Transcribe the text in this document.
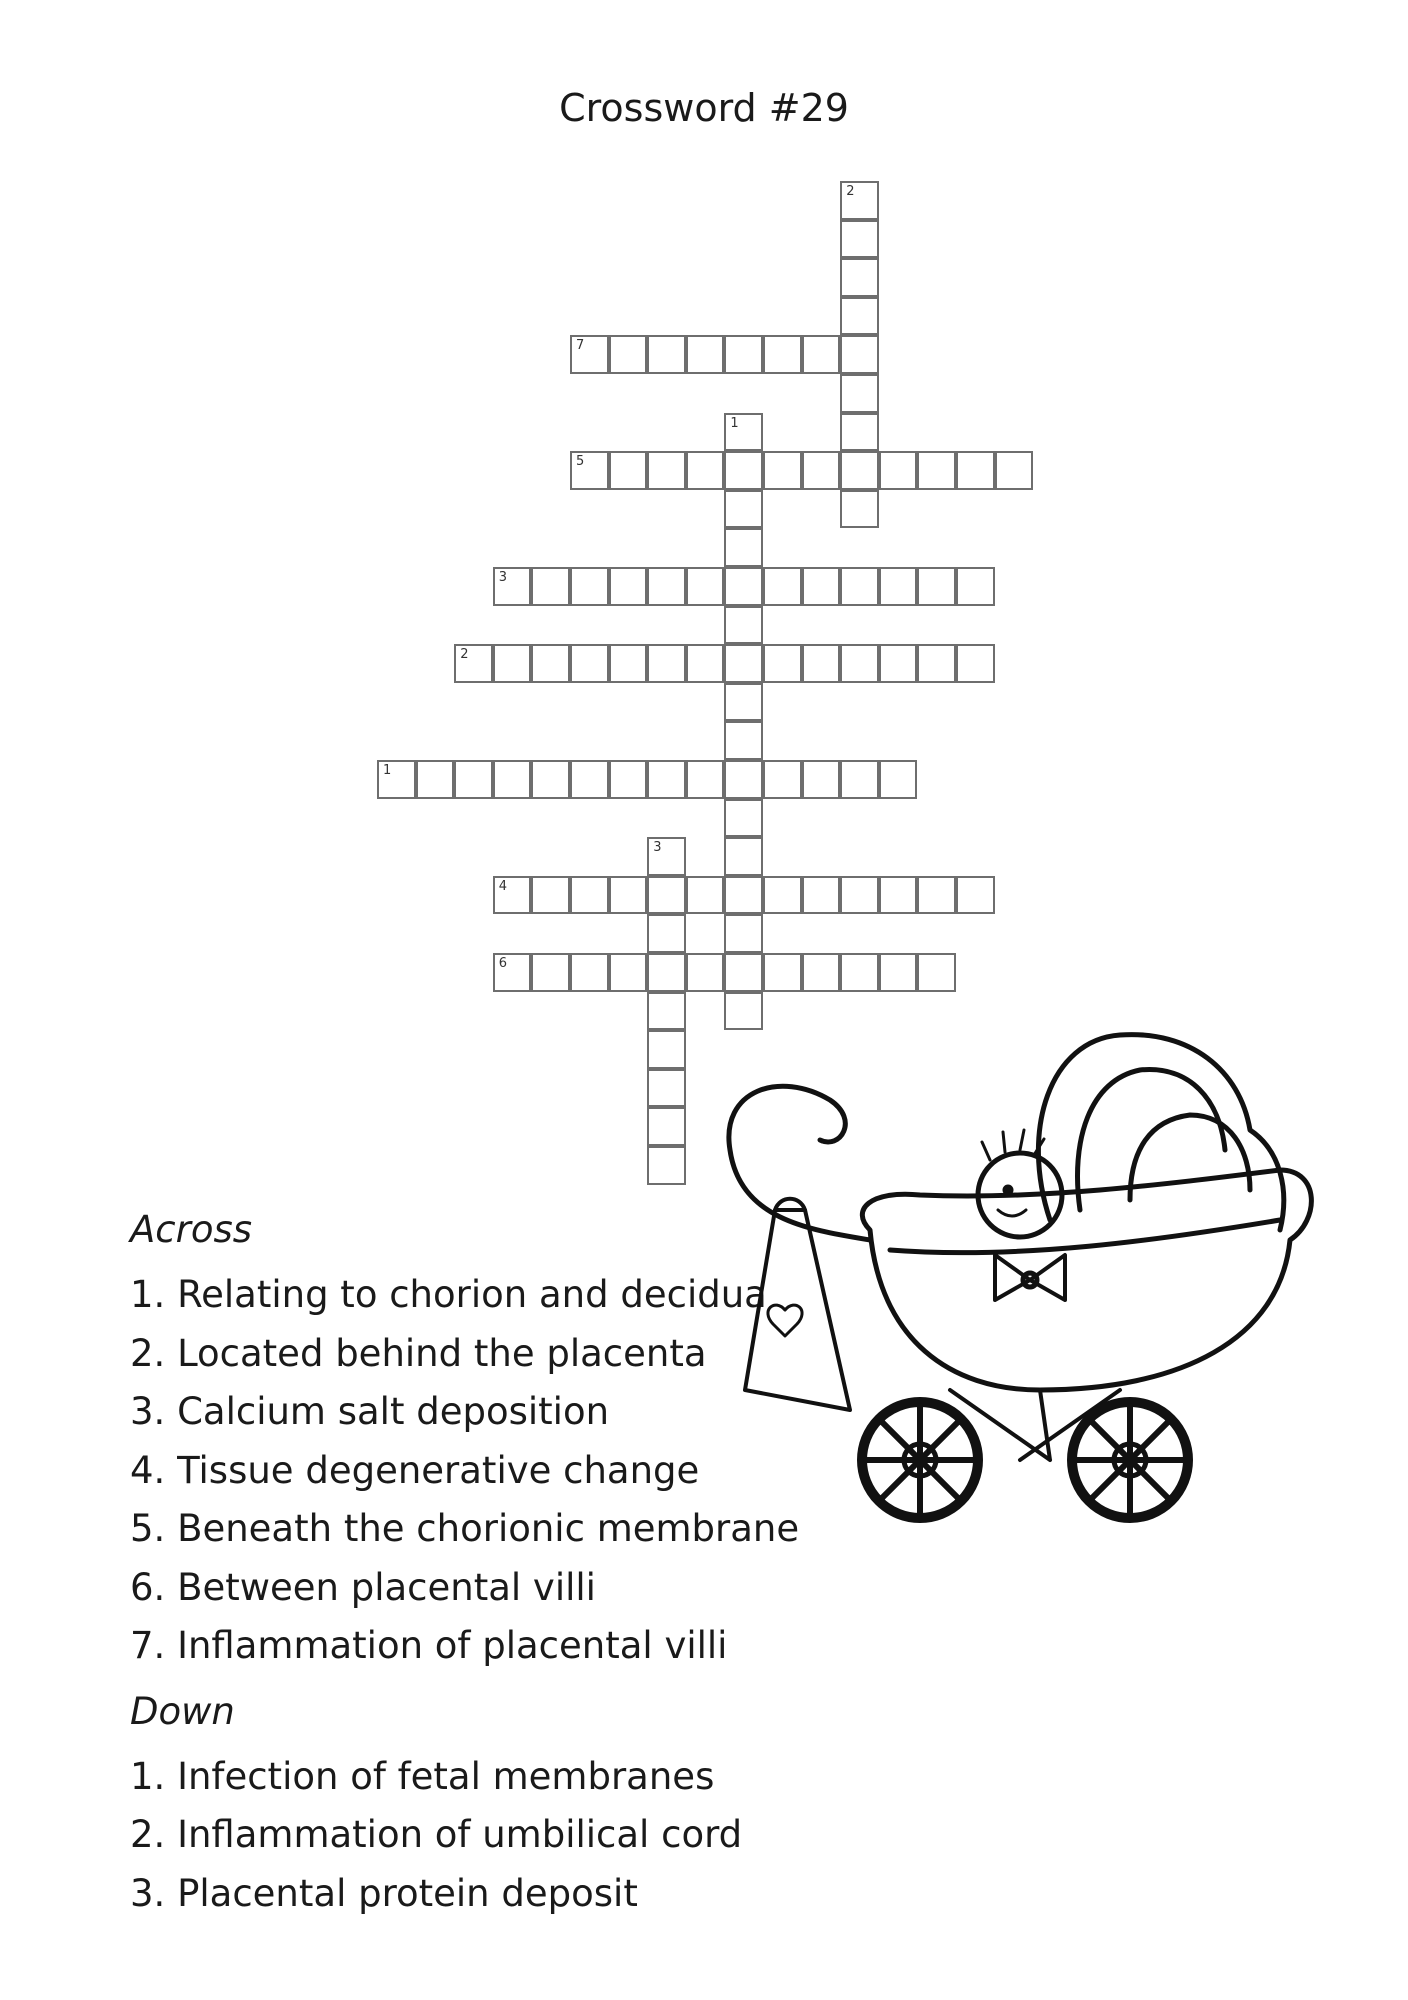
Crossword #29
7
5
3
2
1
4
6
2
1
3
Across
1. Relating to chorion and decidua
2. Located behind the placenta
3. Calcium salt deposition
4. Tissue degenerative change
5. Beneath the chorionic membrane
6. Between placental villi
7. Inflammation of placental villi
Down
1. Infection of fetal membranes
2. Inflammation of umbilical cord
3. Placental protein deposit
